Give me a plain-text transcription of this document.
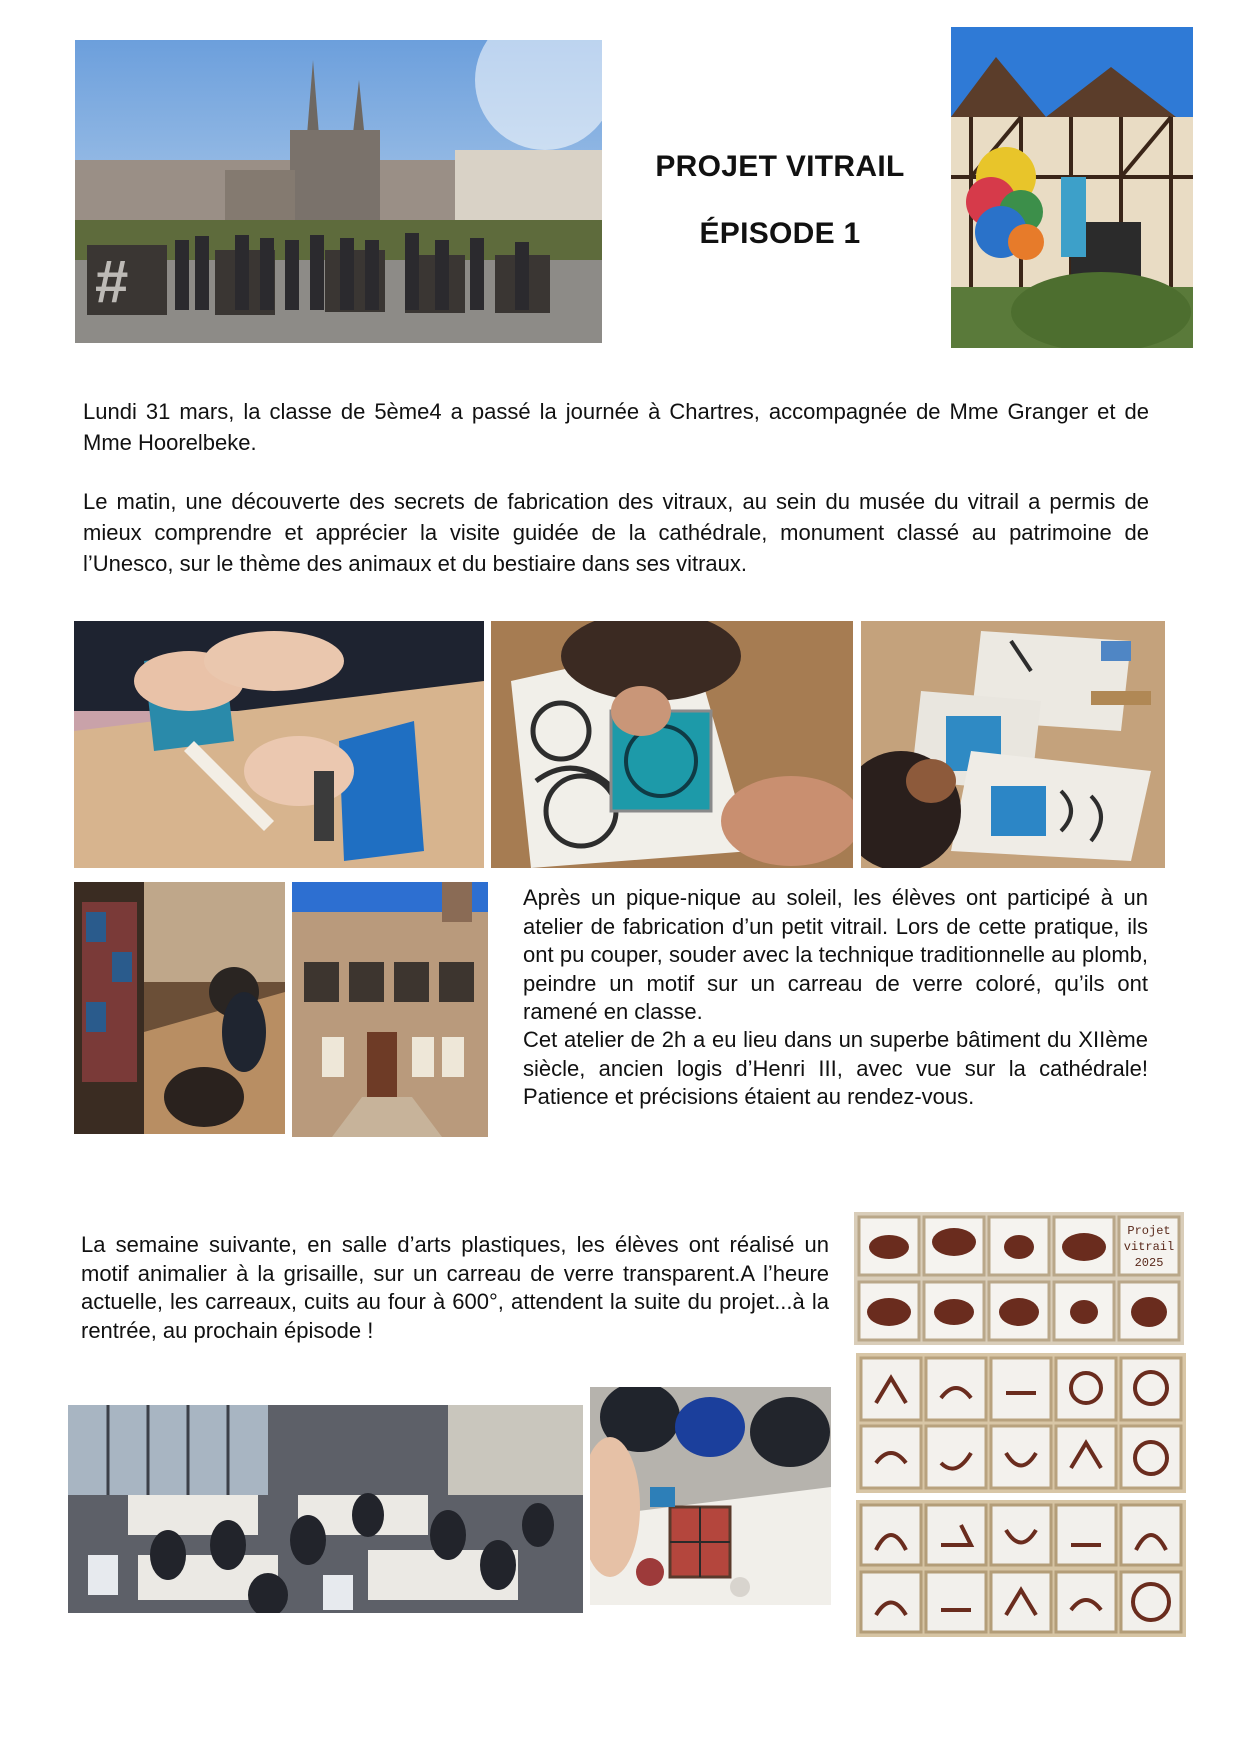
#
PROJET VITRAIL
ÉPISODE 1

Lundi 31 mars, la classe de 5ème4 a passé la journée à Chartres, accompagnée de Mme Granger et de Mme Hoorelbeke.

Le matin, une découverte des secrets de fabrication des vitraux, au sein du musée du vitrail a permis de mieux comprendre et apprécier la visite guidée de la cathédrale, monument classé au patrimoine de l’Unesco, sur le thème des animaux et du bestiaire dans ses vitraux.

Après un pique-nique au soleil, les élèves ont participé à un atelier de fabrication d’un petit vitrail. Lors de cette pratique, ils ont pu couper, souder avec la technique traditionnelle au plomb, peindre un motif sur un carreau de verre coloré, qu’ils ont ramené en classe.

Cet atelier de 2h a eu lieu dans un superbe bâtiment du XIIème siècle, ancien logis d’Henri III, avec vue sur la cathédrale! Patience et précisions étaient au rendez-vous.

La semaine suivante, en salle d’arts plastiques, les élèves ont réalisé un motif animalier à la grisaille, sur un carreau de verre transparent.A l’heure actuelle, les carreaux, cuits au four à 600°, attendent la suite du projet...à la rentrée, au prochain épisode !

Projet
vitrail
2025
